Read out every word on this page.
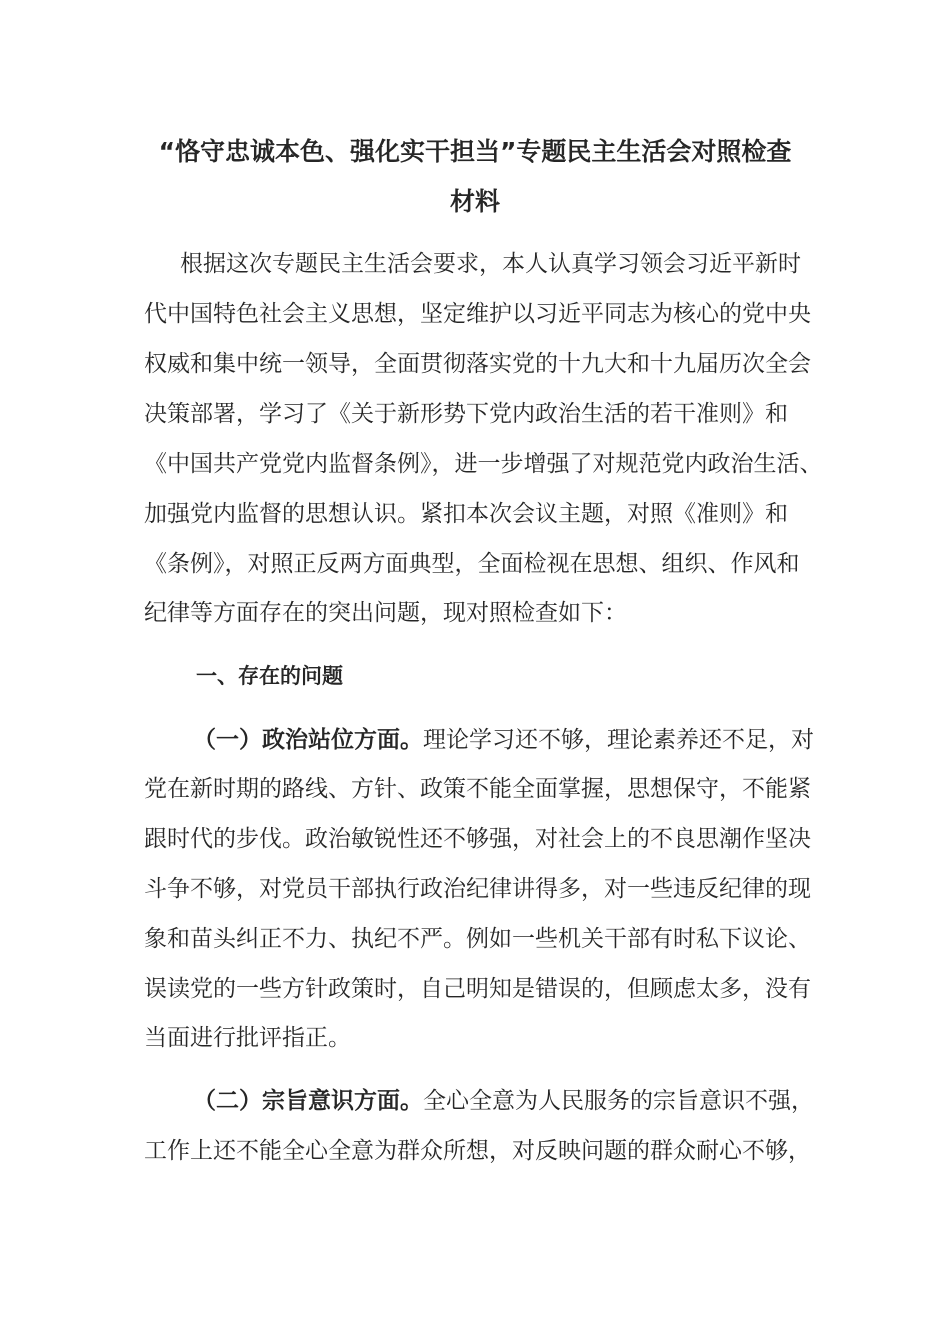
“恪守忠诚本色、强化实干担当”专题民主生活会对照检查
材料

根据这次专题民主生活会要求，本人认真学习领会习近平新时

代中国特色社会主义思想，坚定维护以习近平同志为核心的党中央

权威和集中统一领导，全面贯彻落实党的十九大和十九届历次全会

决策部署，学习了《关于新形势下党内政治生活的若干准则》和

《中国共产党党内监督条例》，进一步增强了对规范党内政治生活、

加强党内监督的思想认识。紧扣本次会议主题，对照《准则》和

《条例》，对照正反两方面典型，全面检视在思想、组织、作风和

纪律等方面存在的突出问题，现对照检查如下：

一、存在的问题

（一）政治站位方面。理论学习还不够，理论素养还不足，对

党在新时期的路线、方针、政策不能全面掌握，思想保守，不能紧

跟时代的步伐。政治敏锐性还不够强，对社会上的不良思潮作坚决

斗争不够，对党员干部执行政治纪律讲得多，对一些违反纪律的现

象和苗头纠正不力、执纪不严。例如一些机关干部有时私下议论、

误读党的一些方针政策时，自己明知是错误的，但顾虑太多，没有

当面进行批评指正。

（二）宗旨意识方面。全心全意为人民服务的宗旨意识不强，

工作上还不能全心全意为群众所想，对反映问题的群众耐心不够，
